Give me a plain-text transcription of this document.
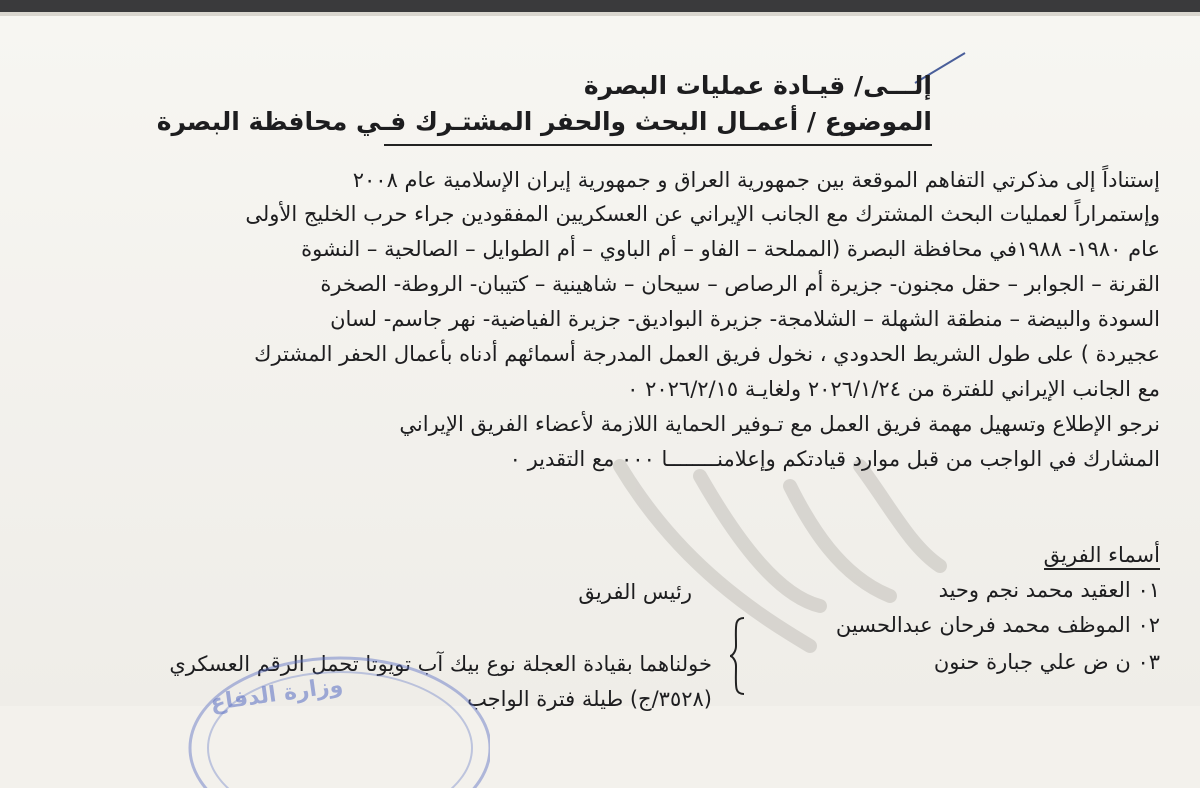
إلـــى/ قيـادة عمليات البصرة
الموضوع / أعمـال البحث والحفر المشتـرك فـي محافظة البصرة
إستناداً إلى مذكرتي التفاهم الموقعة بين جمهورية العراق و جمهورية إيران الإسلامية عام ٢٠٠٨
وإستمراراً لعمليات البحث المشترك مع الجانب الإيراني عن العسكريين المفقودين جراء حرب الخليج الأولى
عام ١٩٨٠- ١٩٨٨في محافظة البصرة (المملحة – الفاو – أم الباوي – أم الطوايل – الصالحية – النشوة
القرنة – الجوابر – حقل مجنون- جزيرة أم الرصاص – سيحان – شاهينية – كتيبان- الروطة- الصخرة
السودة والبيضة – منطقة الشهلة – الشلامجة- جزيرة البواديق- جزيرة الفياضية- نهر جاسم- لسان
عجيردة ) على طول الشريط الحدودي ، نخول فريق العمل المدرجة أسمائهم أدناه بأعمال الحفر المشترك
مع الجانب الإيراني للفترة من ٢٠٢٦/١/٢٤ ولغايـة ٢٠٢٦/٢/١٥ ٠
نرجو الإطلاع وتسهيل مهمة فريق العمل مع تـوفير الحماية اللازمة لأعضاء الفريق الإيراني
المشارك في الواجب من قبل موارد قيادتكم وإعلامنــــــــا ٠٠٠ مع التقدير ٠
أسماء الفريق
٠١ العقيد محمد نجم وحيد
٠٢ الموظف محمد فرحان عبدالحسين
٠٣ ن ض علي جبارة حنون
رئيس الفريق
خولناهما بقيادة العجلة نوع بيك آب تويوتا تحمل الرقم العسكري
(٣٥٢٨/ج) طيلة فترة الواجب
وزارة الدفاع
